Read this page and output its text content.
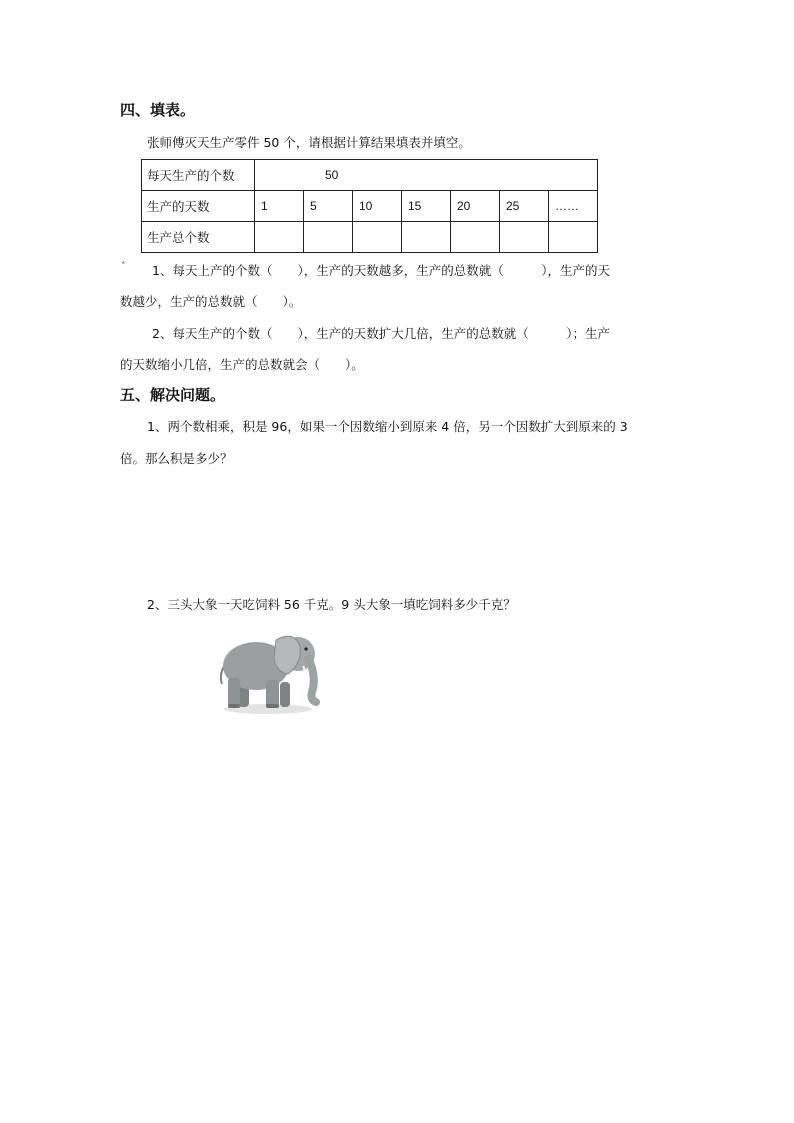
四、填表。
张师傅灭天生产零件 50 个，请根据计算结果填表并填空。
每天生产的个数	50						
生产的天数	1	5	10	15	20	25	……
生产总个数							
ˆ 1、每天上产的个数（　　），生产的天数越多，生产的总数就（　　　），生产的天
数越少，生产的总数就（　　）。
2、每天生产的个数（　　），生产的天数扩大几倍，生产的总数就（　　　）；生产
的天数缩小几倍，生产的总数就会（　　）。
五、解决问题。
1、两个数相乘，积是 96，如果一个因数缩小到原来 4 倍，另一个因数扩大到原来的 3
倍。那么积是多少？
2、三头大象一天吃饲料 56 千克。9 头大象一填吃饲料多少千克？
